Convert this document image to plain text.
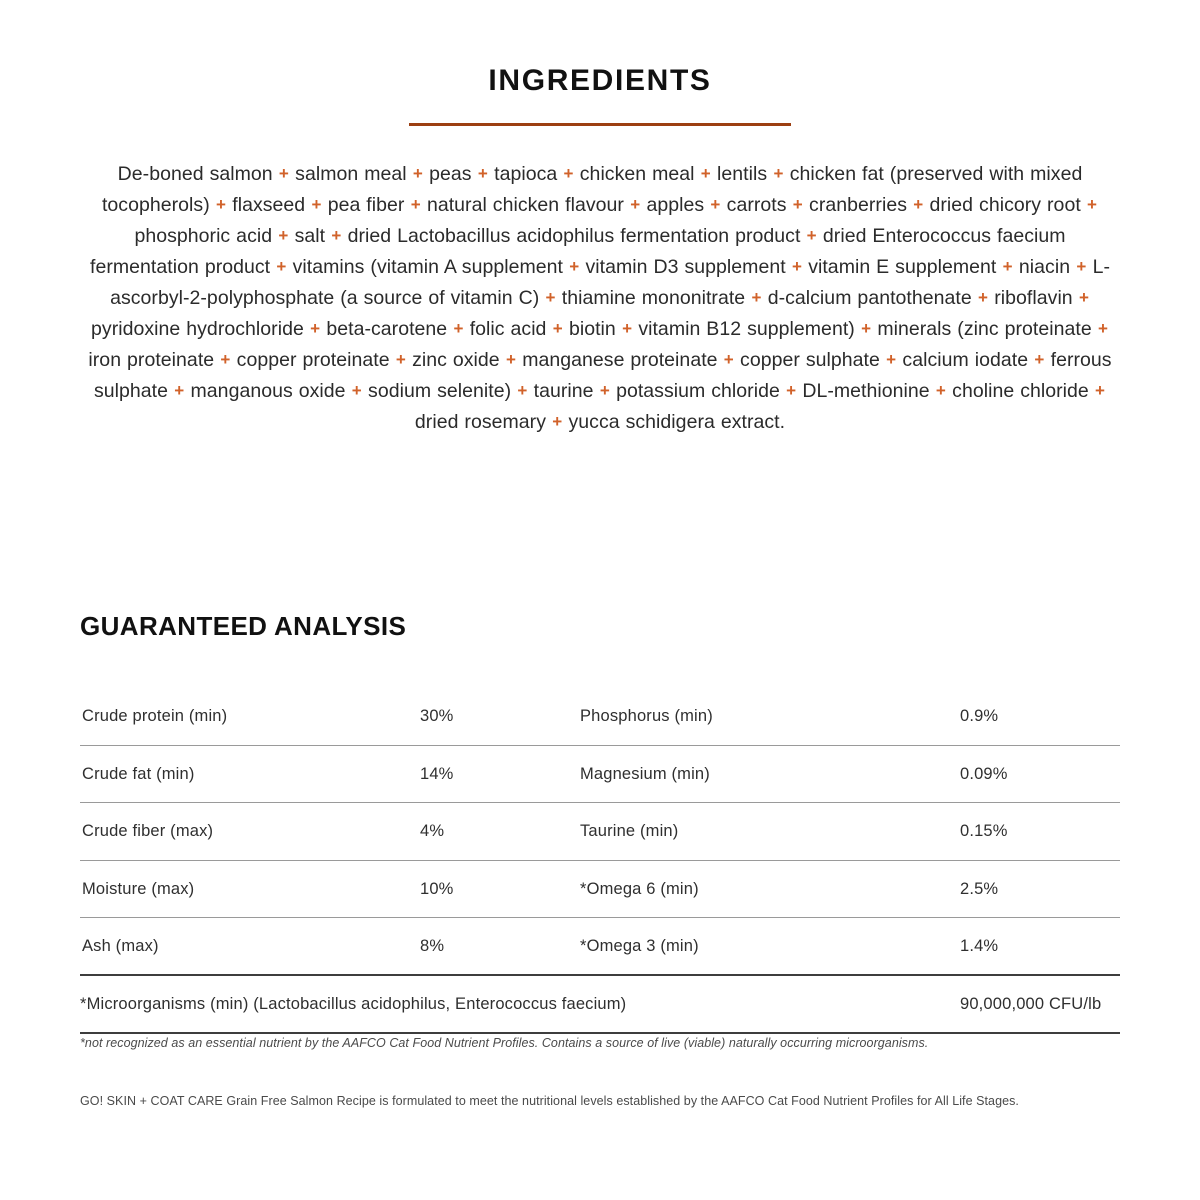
INGREDIENTS

De-boned salmon + salmon meal + peas + tapioca + chicken meal + lentils + chicken fat (preserved with mixed tocopherols) + flaxseed + pea fiber + natural chicken flavour + apples + carrots + cranberries + dried chicory root + phosphoric acid + salt + dried Lactobacillus acidophilus fermentation product + dried Enterococcus faecium fermentation product + vitamins (vitamin A supplement + vitamin D3 supplement + vitamin E supplement + niacin + L-ascorbyl-2-polyphosphate (a source of vitamin C) + thiamine mononitrate + d-calcium pantothenate + riboflavin + pyridoxine hydrochloride + beta-carotene + folic acid + biotin + vitamin B12 supplement) + minerals (zinc proteinate + iron proteinate + copper proteinate + zinc oxide + manganese proteinate + copper sulphate + calcium iodate + ferrous sulphate + manganous oxide + sodium selenite) + taurine + potassium chloride + DL-methionine + choline chloride + dried rosemary + yucca schidigera extract.

GUARANTEED ANALYSIS
Crude protein (min)	30%	Phosphorus (min)	0.9%
Crude fat (min)	14%	Magnesium (min)	0.09%
Crude fiber (max)	4%	Taurine (min)	0.15%
Moisture (max)	10%	*Omega 6 (min)	2.5%
Ash (max)	8%	*Omega 3 (min)	1.4%
*Microorganisms (min) (Lactobacillus acidophilus, Enterococcus faecium)			90,000,000 CFU/lb

*not recognized as an essential nutrient by the AAFCO Cat Food Nutrient Profiles. Contains a source of live (viable) naturally occurring microorganisms.

GO! SKIN + COAT CARE Grain Free Salmon Recipe is formulated to meet the nutritional levels established by the AAFCO Cat Food Nutrient Profiles for All Life Stages.
